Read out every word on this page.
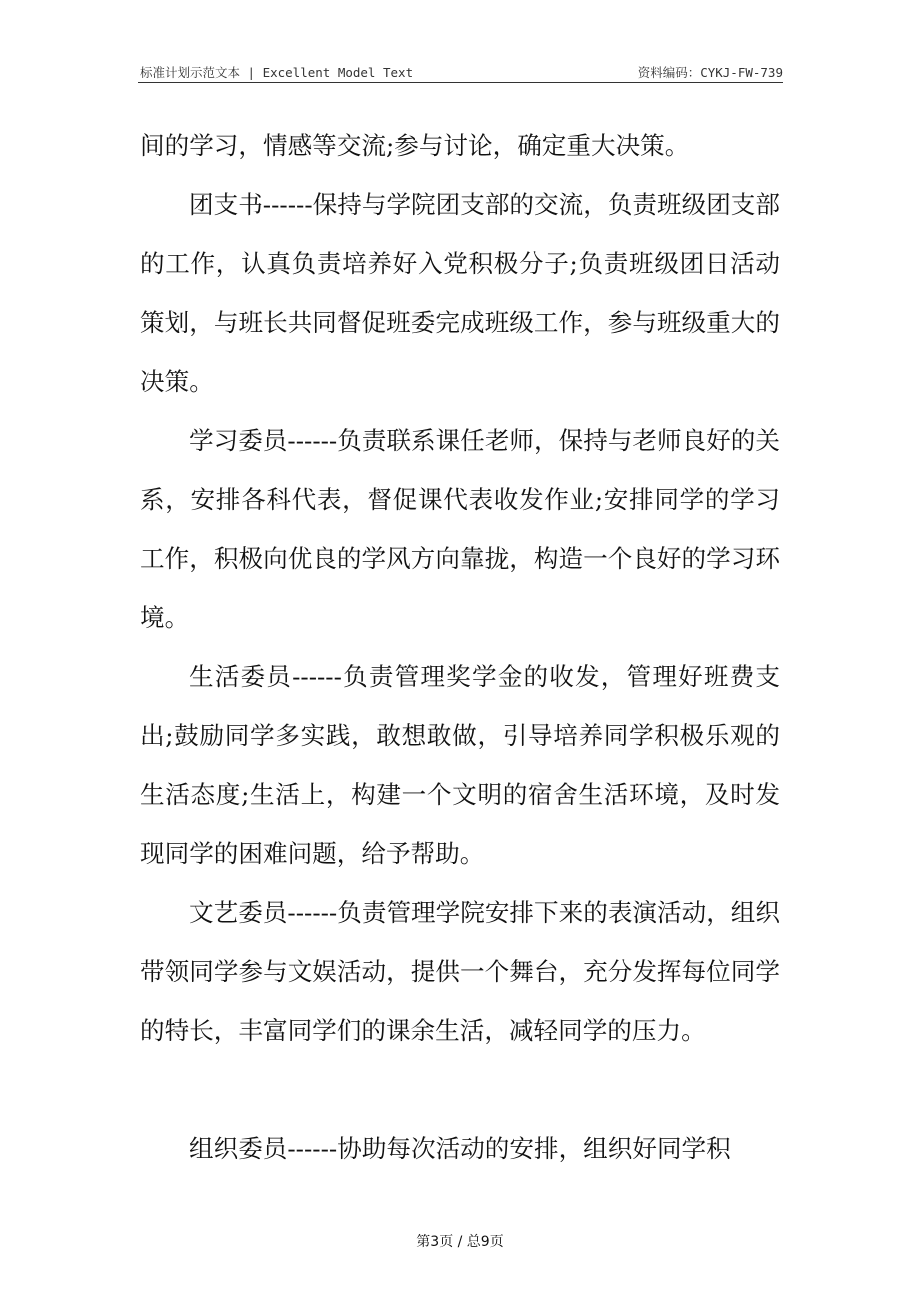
标准计划示范文本 | Excellent Model Text	资料编码：CYKJ-FW-739

间的学习，情感等交流;参与讨论，确定重大决策。

团支书------保持与学院团支部的交流，负责班级团支部的工作，认真负责培养好入党积极分子;负责班级团日活动策划，与班长共同督促班委完成班级工作，参与班级重大的决策。

学习委员------负责联系课任老师，保持与老师良好的关系，安排各科代表，督促课代表收发作业;安排同学的学习工作，积极向优良的学风方向靠拢，构造一个良好的学习环境。

生活委员------负责管理奖学金的收发，管理好班费支出;鼓励同学多实践，敢想敢做，引导培养同学积极乐观的生活态度;生活上，构建一个文明的宿舍生活环境，及时发现同学的困难问题，给予帮助。

文艺委员------负责管理学院安排下来的表演活动，组织带领同学参与文娱活动，提供一个舞台，充分发挥每位同学的特长，丰富同学们的课余生活，减轻同学的压力。

组织委员------协助每次活动的安排，组织好同学积

第3页 / 总9页
